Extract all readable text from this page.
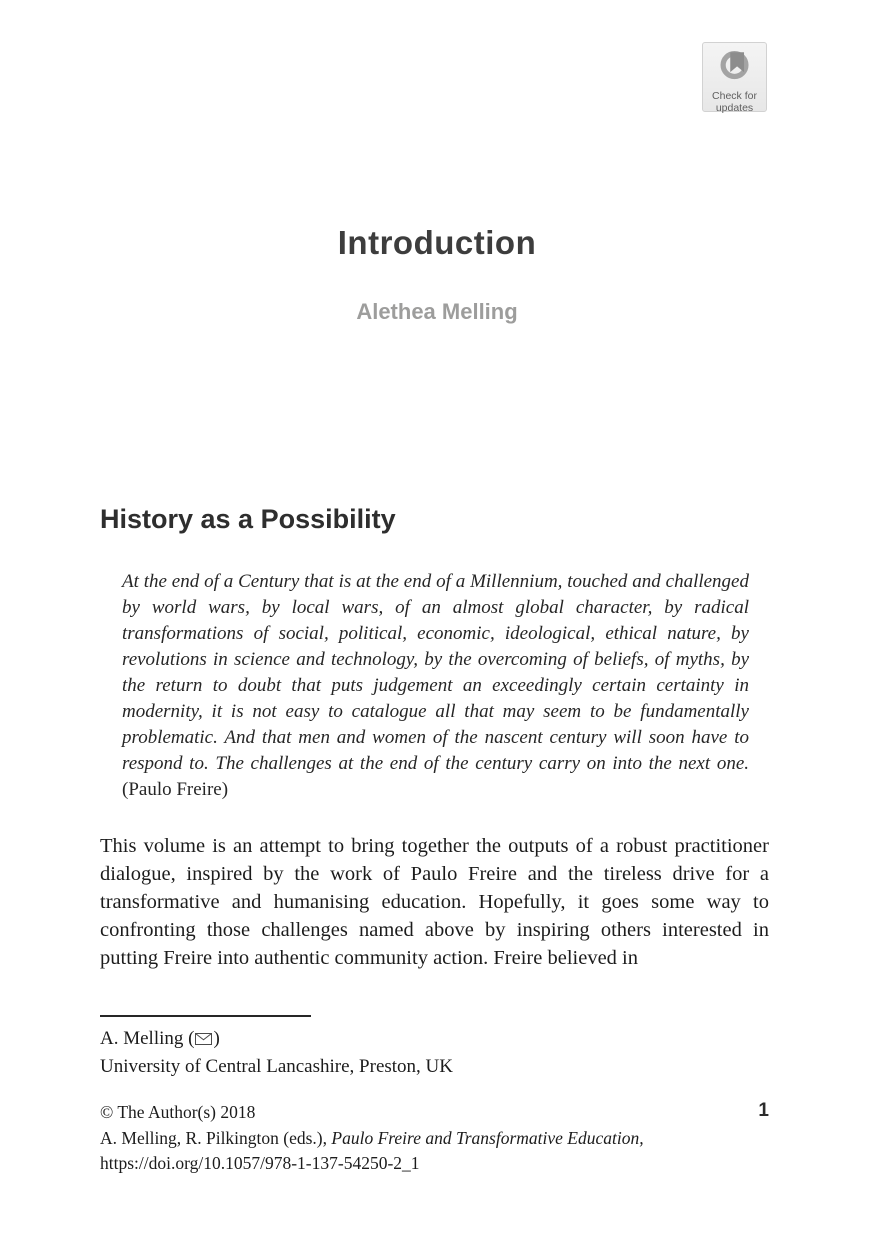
Check for
updates
Introduction
Alethea Melling
History as a Possibility
At the end of a Century that is at the end of a Millennium, touched and challenged by world wars, by local wars, of an almost global character, by radical transformations of social, political, economic, ideological, ethical nature, by revolutions in science and technology, by the overcoming of beliefs, of myths, by the return to doubt that puts judgement an exceedingly certain certainty in modernity, it is not easy to catalogue all that may seem to be fundamentally problematic. And that men and women of the nascent century will soon have to respond to. The challenges at the end of the century carry on into the next one. (Paulo Freire)
This volume is an attempt to bring together the outputs of a robust practitioner dialogue, inspired by the work of Paulo Freire and the tireless drive for a transformative and humanising education. Hopefully, it goes some way to confronting those challenges named above by inspiring others interested in putting Freire into authentic community action. Freire believed in
A. Melling ( )
University of Central Lancashire, Preston, UK
© The Author(s) 2018
A. Melling, R. Pilkington (eds.), Paulo Freire and Transformative Education,
https://doi.org/10.1057/978-1-137-54250-2_1
1
